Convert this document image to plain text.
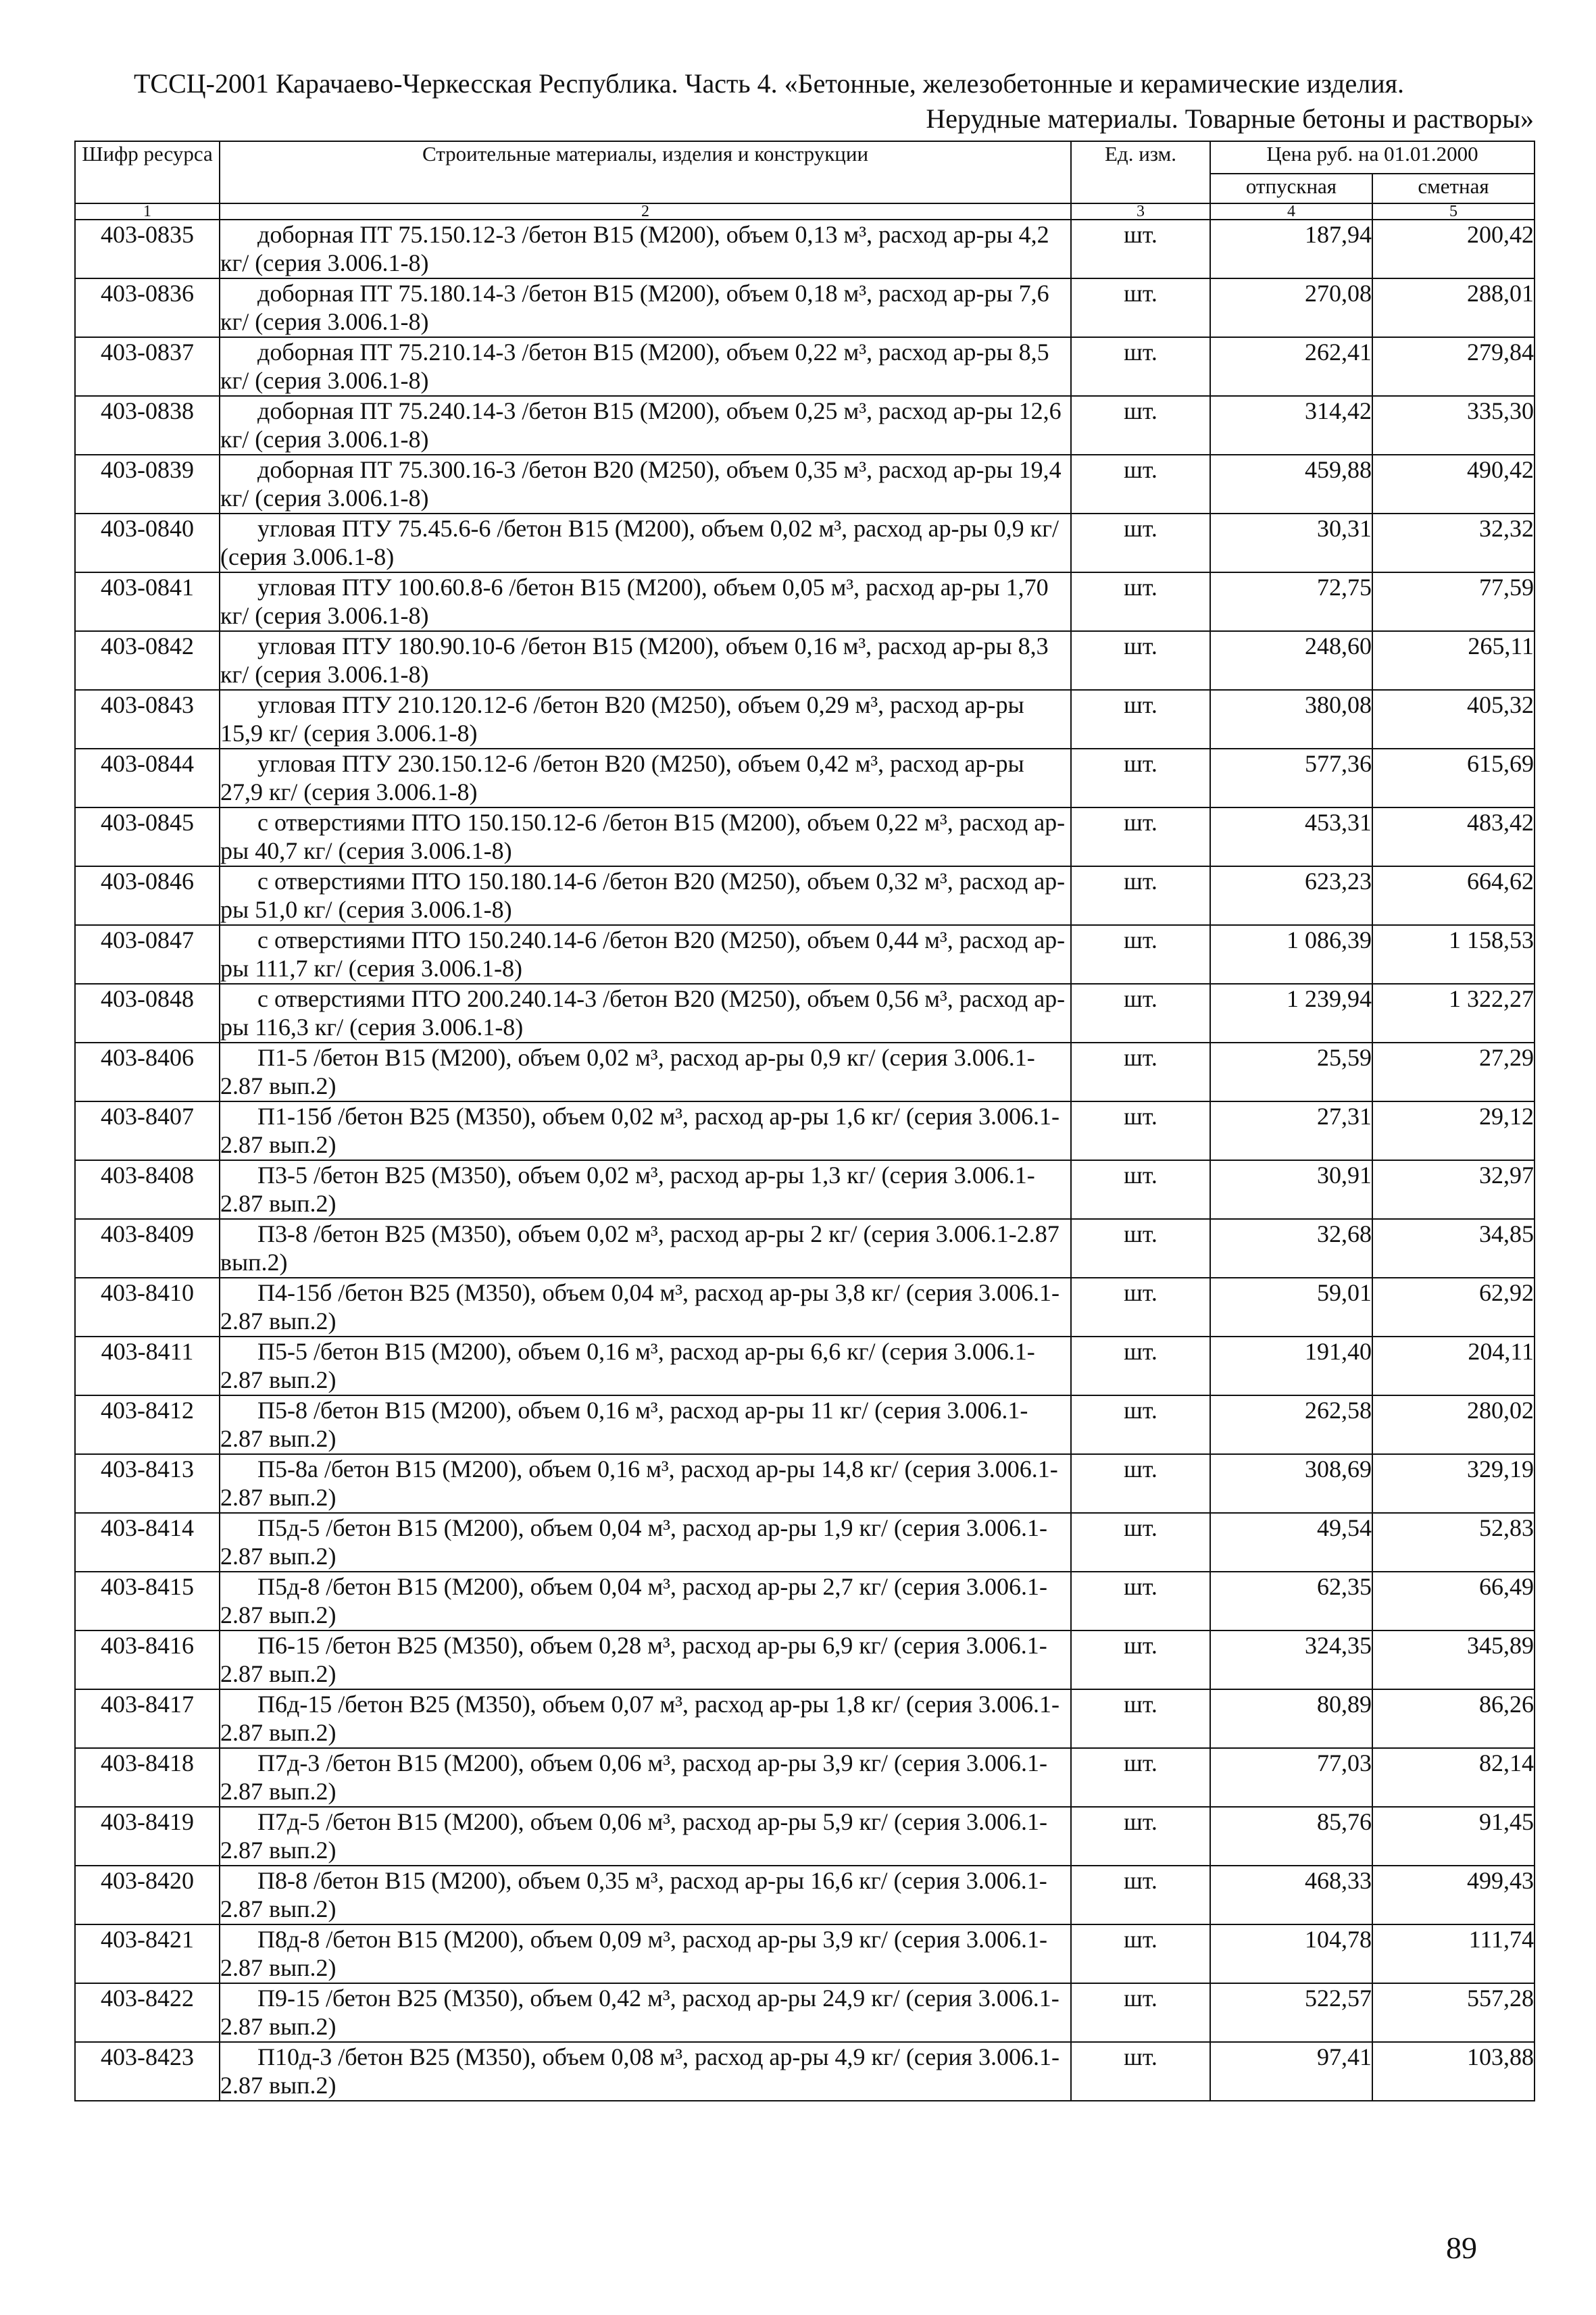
ТССЦ-2001 Карачаево-Черкесская Республика. Часть 4. «Бетонные, железобетонные и керамические изделия.
Нерудные материалы. Товарные бетоны и растворы»
Шифр ресурса	Строительные материалы, изделия и конструкции	Ед. изм.	Цена руб. на 01.01.2000	
			отпускная	сметная
1	2	3	4	5
403-0835	доборная ПТ 75.150.12-3 /бетон В15 (М200), объем 0,13 м³, расход ар-ры 4,2 кг/ (серия 3.006.1-8)	шт.	187,94	200,42
403-0836	доборная ПТ 75.180.14-3 /бетон В15 (М200), объем 0,18 м³, расход ар-ры 7,6 кг/ (серия 3.006.1-8)	шт.	270,08	288,01
403-0837	доборная ПТ 75.210.14-3 /бетон В15 (М200), объем 0,22 м³, расход ар-ры 8,5 кг/ (серия 3.006.1-8)	шт.	262,41	279,84
403-0838	доборная ПТ 75.240.14-3 /бетон В15 (М200), объем 0,25 м³, расход ар-ры 12,6 кг/ (серия 3.006.1-8)	шт.	314,42	335,30
403-0839	доборная ПТ 75.300.16-3 /бетон В20 (М250), объем 0,35 м³, расход ар-ры 19,4 кг/ (серия 3.006.1-8)	шт.	459,88	490,42
403-0840	угловая ПТУ 75.45.6-6 /бетон В15 (М200), объем 0,02 м³, расход ар-ры 0,9 кг/ (серия 3.006.1-8)	шт.	30,31	32,32
403-0841	угловая ПТУ 100.60.8-6 /бетон В15 (М200), объем 0,05 м³, расход ар-ры 1,70 кг/ (серия 3.006.1-8)	шт.	72,75	77,59
403-0842	угловая ПТУ 180.90.10-6 /бетон В15 (М200), объем 0,16 м³, расход ар-ры 8,3 кг/ (серия 3.006.1-8)	шт.	248,60	265,11
403-0843	угловая ПТУ 210.120.12-6 /бетон В20 (М250), объем 0,29 м³, расход ар-ры 15,9 кг/ (серия 3.006.1-8)	шт.	380,08	405,32
403-0844	угловая ПТУ 230.150.12-6 /бетон В20 (М250), объем 0,42 м³, расход ар-ры 27,9 кг/ (серия 3.006.1-8)	шт.	577,36	615,69
403-0845	с отверстиями ПТО 150.150.12-6 /бетон В15 (М200), объем 0,22 м³, расход ар-ры 40,7 кг/ (серия 3.006.1-8)	шт.	453,31	483,42
403-0846	с отверстиями ПТО 150.180.14-6 /бетон В20 (М250), объем 0,32 м³, расход ар-ры 51,0 кг/ (серия 3.006.1-8)	шт.	623,23	664,62
403-0847	с отверстиями ПТО 150.240.14-6 /бетон В20 (М250), объем 0,44 м³, расход ар-ры 111,7 кг/ (серия 3.006.1-8)	шт.	1 086,39	1 158,53
403-0848	с отверстиями ПТО 200.240.14-3 /бетон В20 (М250), объем 0,56 м³, расход ар-ры 116,3 кг/ (серия 3.006.1-8)	шт.	1 239,94	1 322,27
403-8406	П1-5 /бетон В15 (М200), объем 0,02 м³, расход ар-ры 0,9 кг/ (серия 3.006.1-2.87 вып.2)	шт.	25,59	27,29
403-8407	П1-15б /бетон В25 (М350), объем 0,02 м³, расход ар-ры 1,6 кг/ (серия 3.006.1-2.87 вып.2)	шт.	27,31	29,12
403-8408	П3-5 /бетон В25 (М350), объем 0,02 м³, расход ар-ры 1,3 кг/ (серия 3.006.1-2.87 вып.2)	шт.	30,91	32,97
403-8409	П3-8 /бетон В25 (М350), объем 0,02 м³, расход ар-ры 2 кг/ (серия 3.006.1-2.87 вып.2)	шт.	32,68	34,85
403-8410	П4-15б /бетон В25 (М350), объем 0,04 м³, расход ар-ры 3,8 кг/ (серия 3.006.1-2.87 вып.2)	шт.	59,01	62,92
403-8411	П5-5 /бетон В15 (М200), объем 0,16 м³, расход ар-ры 6,6 кг/ (серия 3.006.1-2.87 вып.2)	шт.	191,40	204,11
403-8412	П5-8 /бетон В15 (М200), объем 0,16 м³, расход ар-ры 11 кг/ (серия 3.006.1-2.87 вып.2)	шт.	262,58	280,02
403-8413	П5-8а /бетон В15 (М200), объем 0,16 м³, расход ар-ры 14,8 кг/ (серия 3.006.1-2.87 вып.2)	шт.	308,69	329,19
403-8414	П5д-5 /бетон В15 (М200), объем 0,04 м³, расход ар-ры 1,9 кг/ (серия 3.006.1-2.87 вып.2)	шт.	49,54	52,83
403-8415	П5д-8 /бетон В15 (М200), объем 0,04 м³, расход ар-ры 2,7 кг/ (серия 3.006.1-2.87 вып.2)	шт.	62,35	66,49
403-8416	П6-15 /бетон В25 (М350), объем 0,28 м³, расход ар-ры 6,9 кг/ (серия 3.006.1-2.87 вып.2)	шт.	324,35	345,89
403-8417	П6д-15 /бетон В25 (М350), объем 0,07 м³, расход ар-ры 1,8 кг/ (серия 3.006.1-2.87 вып.2)	шт.	80,89	86,26
403-8418	П7д-3 /бетон В15 (М200), объем 0,06 м³, расход ар-ры 3,9 кг/ (серия 3.006.1-2.87 вып.2)	шт.	77,03	82,14
403-8419	П7д-5 /бетон В15 (М200), объем 0,06 м³, расход ар-ры 5,9 кг/ (серия 3.006.1-2.87 вып.2)	шт.	85,76	91,45
403-8420	П8-8 /бетон В15 (М200), объем 0,35 м³, расход ар-ры 16,6 кг/ (серия 3.006.1-2.87 вып.2)	шт.	468,33	499,43
403-8421	П8д-8 /бетон В15 (М200), объем 0,09 м³, расход ар-ры 3,9 кг/ (серия 3.006.1-2.87 вып.2)	шт.	104,78	111,74
403-8422	П9-15 /бетон В25 (М350), объем 0,42 м³, расход ар-ры 24,9 кг/ (серия 3.006.1-2.87 вып.2)	шт.	522,57	557,28
403-8423	П10д-3 /бетон В25 (М350), объем 0,08 м³, расход ар-ры 4,9 кг/ (серия 3.006.1-2.87 вып.2)	шт.	97,41	103,88
89
